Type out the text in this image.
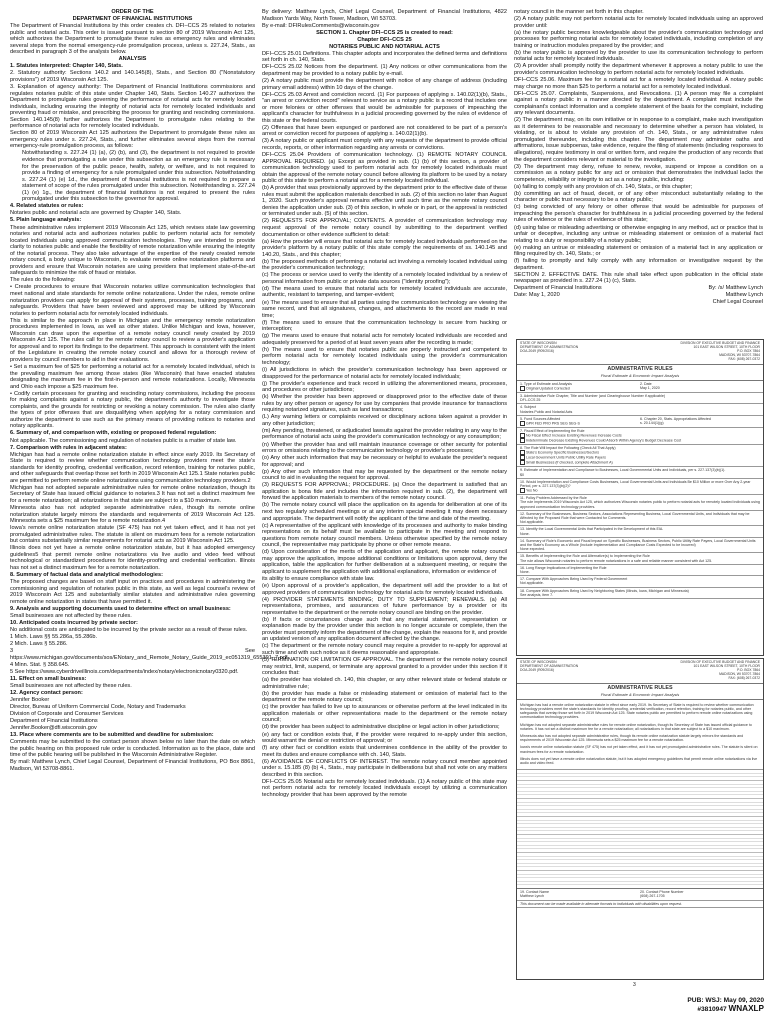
ORDER OF THE

DEPARTMENT OF FINANCIAL INSTITUTIONS

The Department of Financial Institutions by this order creates ch. DFI–CCS 25 related to notaries public and notarial acts. This order is issued pursuant to section 80 of 2019 Wisconsin Act 125, which authorizes the Department to promulgate these rules as emergency rules and eliminates several steps from the normal emergency-rule promulgation process, unless s. 227.24, Stats., as described in paragraph 3 of the analysis below.

ANALYSIS

1. Statutes interpreted: Chapter 140, Stats.

2. Statutory authority: Sections 140.2 and 140.145(8), Stats., and Section 80 ("Nonstatutory provisions") of 2019 Wisconsin Act 125.

3. Explanation of agency authority: The Department of Financial Institutions commissions and regulates notaries public of this state under Chapter 140, Stats. Section 140.27 authorizes the Department to promulgate rules governing the performance of notarial acts for remotely located individuals, including ensuring the integrity of notarial acts for remotely located individuals and preventing fraud or mistake, and prescribing the process for granting and rescinding commissions. Section 140.145(8) further authorizes the Department to promulgate rules relating to the performance of notarial acts for remotely located individuals.

Section 80 of 2019 Wisconsin Act 125 authorizes the Department to promulgate these rules as emergency rules under s. 227.24, Stats., and further eliminates several steps from the normal emergency-rule promulgation process, as follows:

Notwithstanding s. 227.24 (1) (a), (2) (b), and (3), the department is not required to provide evidence that promulgating a rule under this subsection as an emergency rule is necessary for the preservation of the public peace, health, safety, or welfare, and is not required to provide a finding of emergency for a rule promulgated under this subsection. Notwithstanding s. 227.24 (1) (e) 1d., the department of financial institutions is not required to prepare a statement of scope of the rules promulgated under this subsection. Notwithstanding s. 227.24 (1) (e) 1g., the department of financial institutions is not required to present the rules promulgated under this subsection to the governor for approval.

4. Related statutes or rules:

Notaries public and notarial acts are governed by Chapter 140, Stats.

5. Plain language analysis:

These administrative rules implement 2019 Wisconsin Act 125, which revises state law governing notaries and notarial acts and authorizes notaries public to perform notarial acts for remotely located individuals using approved communication technologies. They are intended to provide clarity to notaries public and enable the flexibility of remote notarization while ensuring the integrity of the notarial process. They also take advantage of the expertise of the newly created remote notary council, a body unique to Wisconsin, to evaluate remote online notarization platforms and providers and ensure that Wisconsin notaries are using providers that implement state-of-the-art safeguards to minimize the risk of fraud or mistake.

The rules do the following:

• Create procedures to ensure that Wisconsin notaries utilize communication technologies that meet national and state standards for remote online notarizations. Under the rules, remote online notarization providers can apply for approval of their systems, processes, training programs, and safeguards. Providers that have been reviewed and approved may be utilized by Wisconsin notaries to perform notarial acts for remotely located individuals.

This is similar to the approach in place in Michigan and the emergency remote notarization procedures implemented in Iowa, as well as other states. Unlike Michigan and Iowa, however, Wisconsin can draw upon the expertise of a remote notary council newly created by 2019 Wisconsin Act 125. The rules call for the remote notary council to review a provider's application for approval and to report its findings to the department. This approach is consistent with the intent of the Legislature in creating the remote notary council and allows for a thorough review of providers by council members to aid in their evaluations.

• Set a maximum fee of $25 for performing a notarial act for a remotely located individual, which is the prevailing maximum fee among those states (like Wisconsin) that have enacted statutes designating the maximum fee in the first-in-person and remote notarizations. Locally, Minnesota and Ohio each impose a $25 maximum fee.

• Codify certain processes for granting and rescinding notary commissions, including the process for making complaints against a notary public, the department's authority to investigate those complaints, and the grounds for restricting or revoking a notary commission. The rules also clarify the types of prior offenses that are disqualifying when applying for a notary commission and authorize the department to use such as the primary means of providing notices to notaries and notary applicants.

6. Summary of, and comparison with, existing or proposed federal regulation:

Not applicable. The commissioning and regulation of notaries public is a matter of state law.

7. Comparison with rules in adjacent states:

Michigan has had a remote online notarization statute in effect since early 2019. Its Secretary of State is required to review whether communication technology providers meet the state's standards for identity proofing, credential verification, record retention, training for notaries public, and other safeguards that overlap those set forth in 2019 Wisconsin Act 125.1 State notaries public are permitted to perform remote online notarizations using communication technology providers.2

Michigan has not adopted separate administrative rules for remote online notarization, though its Secretary of State has issued official guidance to notaries.3 It has not set a distinct maximum fee for a remote notarization; all notarizations in that state are subject to a $10 maximum.

Minnesota also has not adopted separate administrative rules, though its remote online notarization statute largely mirrors the standards and requirements of 2019 Wisconsin Act 125. Minnesota sets a $25 maximum fee for a remote notarization.4

Iowa's remote online notarization statute (SF 475) has not yet taken effect, and it has not yet promulgated administrative rules. The statute is silent on maximum fees for a remote notarization but contains substantially similar requirements for notarial acts as 2019 Wisconsin Act 125.

Illinois does not yet have a remote online notarization statute, but it has adopted emergency guidelines5 that permit remote online notarizations via live audio and video feed without technological or standardized procedures for identity-proofing and credential verification. Illinois has not set a distinct maximum fee for a remote notarization.

8. Summary of factual data and analytical methodologies:

The proposed changes are based on staff input on practices and procedures in administering the commissioning and regulation of notaries public in this state, as well as legal counsel's review of 2019 Wisconsin Act 125 and substantially similar statutes and administrative rules governing remote online notarization in states that have permitted it.

9. Analysis and supporting documents used to determine effect on small business:

Small businesses are not affected by these rules.

10. Anticipated costs incurred by private sector:

No additional costs are anticipated to be incurred by the private sector as a result of these rules.

1 Mich. Laws §§ 55.286a, 55.286b.

2 Mich. Laws § 55.286.

3 See https://www.michigan.gov/documents/sos/ENotary_and_Remote_Notary_Guide_2019_ec051319_655391_7.pdf.

4 Minn. Stat. § 358.645.

5 See https://www.cyberdriveillinois.com/departments/index/notary/electronicnotary0320.pdf.

11. Effect on small business:

Small businesses are not affected by these rules.

12. Agency contact person:

Jennifer Booker

Director, Bureau of Uniform Commercial Code, Notary and Trademarks

Division of Corporate and Consumer Services

Department of Financial Institutions

Jennifer.Booker@dfi.wisconsin.gov

13. Place where comments are to be submitted and deadline for submission:

Comments may be submitted to the contact person shown below no later than the date on which the public hearing on this proposed rule order is conducted. Information as to the place, date and time of the public hearing will be published in the Wisconsin Administrative Register.

By mail: Matthew Lynch, Chief Legal Counsel, Department of Financial Institutions, PO Box 8861, Madison, WI 53708-8861.

By delivery: Matthew Lynch, Chief Legal Counsel, Department of Financial Institutions, 4822 Madison Yards Way, North Tower, Madison, WI 53703.

By e-mail: DFIRulesComments@wisconsin.gov

SECTION 1. Chapter DFI–CCS 25 is created to read:

Chapter DFI–CCS 25

NOTARIES PUBLIC AND NOTARIAL ACTS

DFI–CCS 25.01 Definitions. This chapter adopts and incorporates the defined terms and definitions set forth in ch. 140, Stats.

DFI–CCS 25.02 Notices from the department. (1) Any notices or other communications from the department may be provided to a notary public by e-mail.

(2) A notary public must provide the department with notice of any change of address (including primary email address) within 10 days of the change.

DFI–CCS 25.03 Arrest and conviction record. (1) For purposes of applying s. 140.02(1)(b), Stats., "an arrest or conviction record" relevant to service as a notary public is a record that includes one or more felonies or other offenses that would be admissible for purposes of impeaching the applicant's character for truthfulness in a judicial proceeding governed by the rules of evidence of this state or the federal courts.

(2) Offenses that have been expunged or pardoned are not considered to be part of a person's arrest or conviction record for purposes of applying s. 140.02(1)(b).

(3) A notary public or applicant must comply with any requests of the department to provide official records, reports, or other information regarding any arrests or convictions.

DFI–CCS 25.04 Providers of communication technology. (1) REMOTE NOTARY COUNCIL APPROVAL REQUIRED. (a) Except as provided in sub. (1) (b) of this section, a provider of communication technology used to perform notarial acts for remotely located individuals must obtain the approval of the remote notary council before allowing its platform to be used by a notary public of this state to perform a notarial act for a remotely located individual.

(b) A provider that was provisionally approved by the department prior to the effective date of these rules must submit the application materials described in sub. (2) of this section no later than August 1, 2020. Such provider's approval remains effective until such time as the remote notary council denies the application under sub. (3) of this section, in whole or in part, or the approval is restricted or terminated under sub. (5) of this section.

(2) REQUESTS FOR APPROVAL; CONTENTS. A provider of communication technology may request approval of the remote notary council by submitting to the department verified documentation or other evidence sufficient to detail:

(a) How the provider will ensure that notarial acts for remotely located individuals performed on the provider's platform by a notary public of this state comply the requirements of ss. 140.145 and 140.20, Stats., and this chapter;

(b) The proposed methods of performing a notarial act involving a remotely located individual using the provider's communication technology;

(c) The process or service used to verify the identity of a remotely located individual by a review of personal information from public or private data sources ("identity proofing");

(d) The means used to ensure that notarial acts for remotely located individuals are accurate, authentic, resistant to tampering, and tamper-evident;

(e) The means used to ensure that all parties using the communication technology are viewing the same record, and that all signatures, changes, and attachments to the record are made in real time;

(f) The means used to ensure that the communication technology is secure from hacking or interception;

(g) The means used to ensure that notarial acts for remotely located individuals are recorded and adequately preserved for a period of at least seven years after the recording is made;

(h) The means used to ensure that notaries public are properly instructed and competent to perform notarial acts for remotely located individuals using the provider's communication technology;

(i) All jurisdictions in which the provider's communication technology has been approved or disapproved for the performance of notarial acts for remotely located individuals;

(j) The provider's experience and track record in utilizing the aforementioned means, processes, and procedures or other jurisdictions;

(k) Whether the provider has been approved or disapproved prior to the effective date of these rules by any other person or agency for use by companies that provide insurance for transactions requiring notarized signatures, such as land transactions;

(L) Any warning letters or complaints received or disciplinary actions taken against a provider in any other jurisdiction;

(m) Any pending, threatened, or adjudicated lawsuits against the provider relating in any way to the performance of notarial acts using the provider's communication technology or any consumption;

(n) Whether the provider has and will maintain insurance coverage or other security for potential errors or omissions relating to the communication technology or provider's processes;

(o) Any other such information that may be necessary or helpful to evaluate the provider's request for approval; and

(p) Any other such information that may be requested by the department or the remote notary council to aid in evaluating the request for approval.

(3) REQUESTS FOR APPROVAL; PROCEDURE. (a) Once the department is satisfied that an application is bona fide and includes the information required in sub. (2), the department will forward the application materials to members of the remote notary council.

(b) The remote notary council will place the application on its agenda for deliberation at one of its next two regularly scheduled meetings or at any interim special meeting it may deem necessary and appropriate. The department will notify the applicant of the time and date of the meeting.

(c) A representative of the applicant with knowledge of its processes and authority to make binding representations on its behalf must be available to participate in the meeting and respond to questions from remote notary council members. Unless otherwise specified by the remote notary council, the representative may participate by phone or other remote means.

(d) Upon consideration of the merits of the application and applicant, the remote notary council may approve the application, impose additional conditions or limitations upon approval, deny the application, table the application for further deliberation at a subsequent meeting, or require the applicant to supplement the application with additional explanations, information or evidence of

its ability to ensure compliance with state law.

(e) Upon approval of a provider's application, the department will add the provider to a list of approved providers of communication technology for notarial acts for remotely located individuals.

(4) PROVIDER STATEMENTS BINDING; DUTY TO SUPPLEMENT; RENEWALS. (a) All representations, promises, and assurances of future performance by a provider or its representative to the department or the remote notary council are binding on the provider.

(b) If facts or circumstances change such that any material statement, representation or explanation made by the provider under this section is no longer accurate or complete, then the provider must promptly inform the department of the change, explain the reasons for it, and provide an updated version of any application document affected by the change.

(c) The department or the remote notary council may require a provider to re-apply for approval at such time and with such notice as it deems reasonable and appropriate.

(5) TERMINATION OR LIMITATION OF APPROVAL. The department or the remote notary council may restrict, limit, suspend, or terminate any approval granted to a provider under this section if it concludes that:

(a) the provider has violated ch. 140, this chapter, or any other relevant state or federal statute or administrative rule;

(b) the provider has made a false or misleading statement or omission of material fact to the department or the remote notary council;

(c) the provider has failed to live up to assurances or otherwise perform at the level indicated in its application materials or other representations made to the department or the remote notary council;

(d) the provider has been subject to administrative discipline or legal action in other jurisdictions;

(e) any fact or condition exists that, if the provider were required to re-apply under this section, would warrant the denial or restriction of approval; or

(f) any other fact or condition exists that undermines confidence in the ability of the provider to meet its duties and ensure compliance with ch. 140, Stats.

(6) AVOIDANCE OF CONFLICTS OF INTEREST. The remote notary council member appointed under s. 15.185 (8) (b) 4., Stats., may participate in deliberations but shall not vote on any matters described in this section.

DFI–CCS 25.05 Notarial acts for remotely located individuals. (1) A notary public of this state may not perform notarial acts for remotely located individuals except by utilizing a communication technology provider that has been approved by the remote

notary council in the manner set forth in this chapter.

(2) A notary public may not perform notarial acts for remotely located individuals using an approved provider until:

(a) the notary public becomes knowledgeable about the provider's communication technology and processes for performing notarial acts for remotely located individuals, including completion of any training or instruction modules prepared by the provider; and

(b) the notary public is approved by the provider to use its communication technology to perform notarial acts for remotely located individuals.

(3) A provider shall promptly notify the department whenever it approves a notary public to use the provider's communication technology to perform notarial acts for remotely located individuals.

DFI–CCS 25.06. Maximum fee for a notarial act for a remotely located individual. A notary public may charge no more than $25 to perform a notarial act for a remotely located individual.

DFI–CCS 25.07. Complaints, Suspensions, and Revocations. (1) A person may file a complaint against a notary public in a manner directed by the department. A complaint must include the complainant's contact information and a complete statement of the basis for the complaint, including any relevant documents.

(2) The department may, on its own initiative or in response to a complaint, make such investigation as it determines to be reasonable and necessary to determine whether a person has violated, is violating, or is about to violate any provision of ch. 140, Stats., or any administrative rules promulgated thereunder, including this chapter. The department may administer oaths and affirmations, issue subpoenas, take evidence, require the filing of statements (including responses to allegations), require testimony in oral or written form, and require the production of any records that the department considers relevant or material to the investigation.

(3) The department may deny, refuse to renew, revoke, suspend or impose a condition on a commission as a notary public for any act or omission that demonstrates the individual lacks the competence, reliability or integrity to act as a notary public, including:

(a) failing to comply with any provision of ch. 140, Stats., or this chapter;

(b) committing an act of fraud, deceit, or of any other misconduct substantially relating to the character or public trust necessary to be a notary public;

(c) being convicted of any felony or other offense that would be admissible for purposes of impeaching the person's character for truthfulness in a judicial proceeding governed by the federal rules of evidence or the rules of evidence of this state;

(d) using false or misleading advertising or otherwise engaging in any method, act or practice that is unfair or deceptive, including any untrue or misleading statement or omission of a material fact relating to a duty or responsibility of a notary public;

(e) making an untrue or misleading statement or omission of a material fact in any application or filing required by ch. 140, Stats.; or

(f) failing to promptly and fully comply with any information or investigative request by the department.

SECTION 2. EFFECTIVE DATE. This rule shall take effect upon publication in the official state newspaper as provided in s. 227.24 (1) (c), Stats.

Department of Financial Institutions	By: /s/ Matthew Lynch
Date: May 1, 2020	Matthew Lynch
Chief Legal Counsel
STATE OF WISCONSIN
DEPARTMENT OF ADMINISTRATION
DOA-2049 (R09/2016)
DIVISION OF EXECUTIVE BUDGET AND FINANCE
101 EAST WILSON STREET, 10TH FLOOR
P.O. BOX 7864
MADISON, WI 53707-7864
FAX: (608) 267-0372
ADMINISTRATIVE RULES
Fiscal Estimate & Economic Impact Analysis
1. Type of Estimate and Analysis
Original Updated Corrected
2. Date
May 1, 2020
3. Administrative Rule Chapter, Title and Number (and Clearinghouse Number if applicable)
DFI–CCS 25
4. Subject
Notaries Public and Notarial Acts
5. Fund Sources Affected
GPR FED PRO PRS SEG SEG-S
6. Chapter 20, Stats. Appropriations Affected
s. 20.144(1)(g)
7. Fiscal Effect of Implementing the Rule
No Fiscal Effect Increase Existing Revenues Increase Costs
Indeterminate Decrease Existing Revenues Could Absorb Within Agency's Budget Decrease Cost
8. The Rule Will Impact the Following (Check All That Apply)
State's Economy Specific Businesses/Sectors
Local Government Units Public Utility Rate Payers
Small Businesses (if checked, complete Attachment A)
9. Estimate of Implementation and Compliance to Businesses, Local Governmental Units and Individuals, per s. 227.137(3)(b)(1).
$0
10. Would Implementation and Compliance Costs Businesses, Local Governmental Units and Individuals Be $10 Million or more Over Any 2-year Period, per s. 227.137(3)(b)(2)?
Yes No
11. Policy Problem Addressed by the Rule
The rule implements 2019 Wisconsin Act 125, which authorizes Wisconsin notaries public to perform notarial acts for remotely located individuals using approved communication technology providers.
12. Summary of the Businesses, Business Sectors, Associations Representing Business, Local Governmental Units, and Individuals that may be Affected by the Proposed Rule that were Contacted for Comments.
Not applicable.
13. Identify the Local Governmental Units that Participated in the Development of this EIA.
None.
14. Summary of Rule's Economic and Fiscal Impact on Specific Businesses, Business Sectors, Public Utility Rate Payers, Local Governmental Units and the State's Economy as a Whole (Include Implementation and Compliance Costs Expected to be Incurred)
None expected.
15. Benefits of Implementing the Rule and Alternative(s) to Implementing the Rule
The rule allows Wisconsin notaries to perform remote notarizations in a safe and reliable manner consistent with Act 125.
16. Long Range Implications of Implementing the Rule
None.
17. Compare With Approaches Being Used by Federal Government
Not applicable.
18. Compare With Approaches Being Used by Neighboring States (Illinois, Iowa, Michigan and Minnesota)
See analysis, item 7.
STATE OF WISCONSIN
DEPARTMENT OF ADMINISTRATION
DOA-2049 (R09/2016)
DIVISION OF EXECUTIVE BUDGET AND FINANCE
101 EAST WILSON STREET, 10TH FLOOR
P.O. BOX 7864
MADISON, WI 53707-7864
FAX: (608) 267-0372
ADMINISTRATIVE RULES
Fiscal Estimate & Economic Impact Analysis

Michigan has had a remote online notarization statute in effect since early 2019. Its Secretary of State is required to review whether communication technology providers meet the state's standards for identity proofing, credential verification, record retention, training for notaries public, and other safeguards that overlap those set forth in 2019 Wisconsin Act 125. State notaries public are permitted to perform remote online notarizations using communication technology providers.

Michigan has not adopted separate administrative rules for remote online notarization, though its Secretary of State has issued official guidance to notaries. It has not set a distinct maximum fee for a remote notarization; all notarizations in that state are subject to a $10 maximum.

Minnesota also has not adopted separate administrative rules, though its remote online notarization statute largely mirrors the standards and requirements of 2019 Wisconsin Act 125. Minnesota sets a $25 maximum fee for a remote notarization.

Iowa's remote online notarization statute (SF 475) has not yet taken effect, and it has not yet promulgated administrative rules. The statute is silent on maximum fees for a remote notarization.

Illinois does not yet have a remote online notarization statute, but it has adopted emergency guidelines that permit remote online notarizations via live audio and video feed.

19. Contact Name
Matthew Lynch
20. Contact Phone Number
(608) 267-1705
This document can be made available in alternate formats to individuals with disabilities upon request.
3
PUB: WSJ: May 09, 2020
#3810947 WNAXLP
